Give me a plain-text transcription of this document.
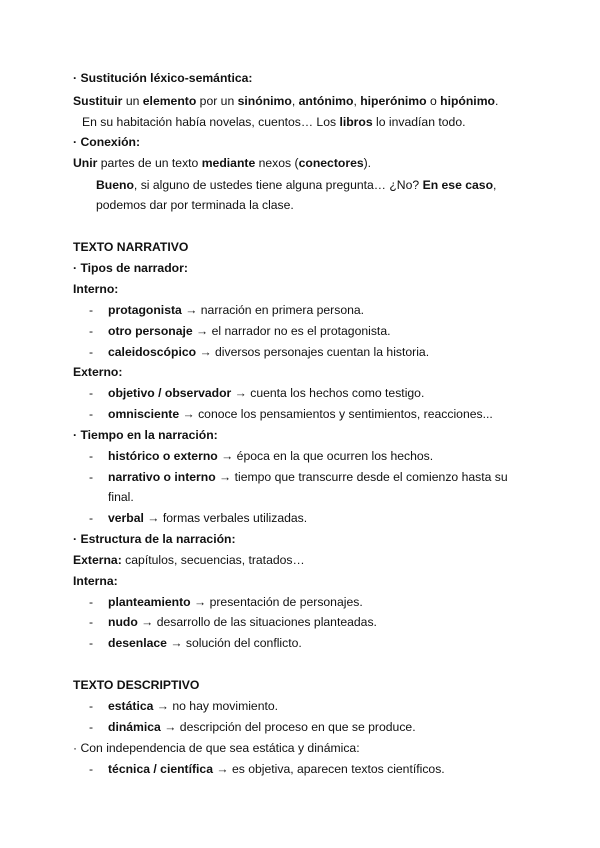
· Sustitución léxico-semántica:
Sustituir un elemento por un sinónimo, antónimo, hiperónimo o hipónimo.
En su habitación había novelas, cuentos… Los libros lo invadían todo.
· Conexión:
Unir partes de un texto mediante nexos (conectores).
Bueno, si alguno de ustedes tiene alguna pregunta… ¿No? En ese caso,
podemos dar por terminada la clase.
TEXTO NARRATIVO
· Tipos de narrador:
Interno:
- protagonista → narración en primera persona.
- otro personaje → el narrador no es el protagonista.
- caleidoscópico → diversos personajes cuentan la historia.
Externo:
- objetivo / observador → cuenta los hechos como testigo.
- omnisciente → conoce los pensamientos y sentimientos, reacciones...
· Tiempo en la narración:
- histórico o externo → época en la que ocurren los hechos.
- narrativo o interno → tiempo que transcurre desde el comienzo hasta su
final.
- verbal → formas verbales utilizadas.
· Estructura de la narración:
Externa: capítulos, secuencias, tratados…
Interna:
- planteamiento → presentación de personajes.
- nudo → desarrollo de las situaciones planteadas.
- desenlace → solución del conflicto.
TEXTO DESCRIPTIVO
- estática → no hay movimiento.
- dinámica → descripción del proceso en que se produce.
· Con independencia de que sea estática y dinámica:
- técnica / científica → es objetiva, aparecen textos científicos.
